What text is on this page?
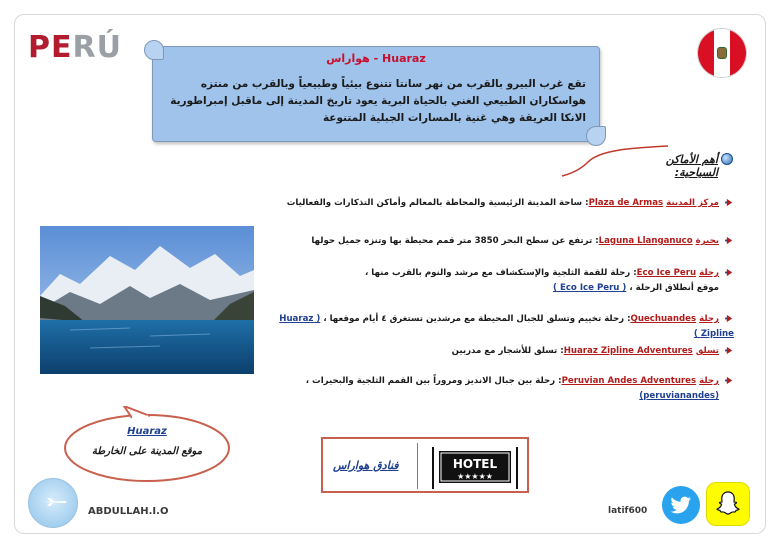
PERÚ	هواراس - Huaraz
تقع غرب البيرو بالقرب من نهر سانتا تتنوع بيئياً وطبيعياً وبالقرب من منتزه هواسكاران الطبيعي الغني بالحياة البرية يعود تاريخ المدينة إلى ماقبل إمبراطورية الانكا العريقة وهي غنية بالمسارات الجبلية المتنوعة
أهم الأماكن السياحية:
مركز المدينة Plaza de Armas: ساحة المدينة الرئيسية والمحاطة بالمعالم وأماكن التذكارات والفعاليات
بحيرة Laguna Llanganuco: ترتفع عن سطح البحر 3850 متر قمم محيطة بها وتنزه جميل حولها
رحلة Eco Ice Peru: رحلة للقمة الثلجية والإستكشاف مع مرشد والنوم بالقرب منها ،
موقع أنطلاق الرحلة ، ( Eco Ice Peru )
رحلة Quechuandes: رحلة تخييم وتسلق للجبال المحيطة مع مرشدين تستغرق ٤ أيام موقعها ، ( Huaraz Zipline )
تسلق Huaraz Zipline Adventures: تسلق للأشجار مع مدربين
رحلة Peruvian Andes Adventures: رحلة بين جبال الانديز ومروراً بين القمم الثلجية والبحيرات ،
(peruvianandes)
Huaraz
موقع المدينة على الخارطة
فنادق هواراس	HOTEL
★★★★★
ABDULLAH.I.O	latif600
